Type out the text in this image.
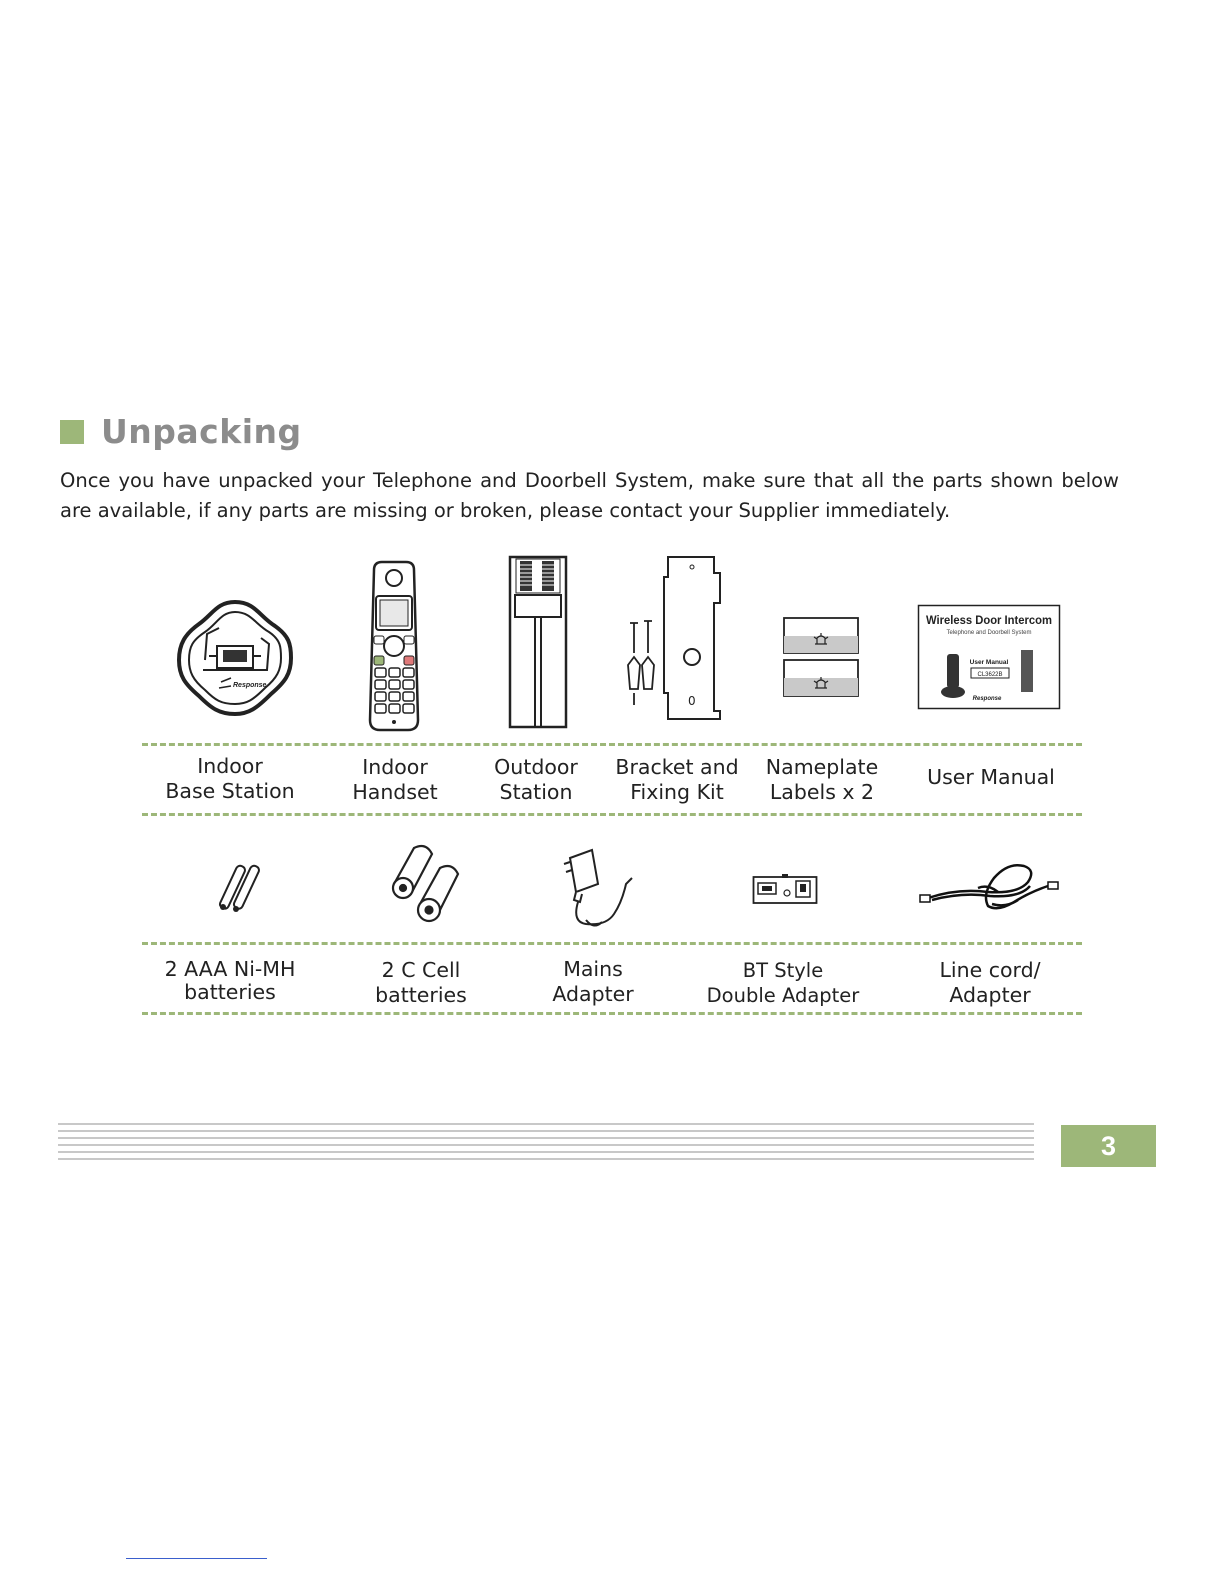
Unpacking
Once you have unpacked your Telephone and Doorbell System, make sure that all the parts shown below are available, if any parts are missing or broken, please contact your Supplier immediately.
Response
0
Wireless Door Intercom
Telephone and Doorbell System
User Manual
CL3622B
Response
Indoor
Base Station
Indoor
Handset
Outdoor
Station
Bracket and
Fixing Kit
Nameplate
Labels x 2
User Manual
2 AAA Ni-MH
batteries
2 C Cell
batteries
Mains
Adapter
BT Style
Double Adapter
Line cord/
Adapter
3
